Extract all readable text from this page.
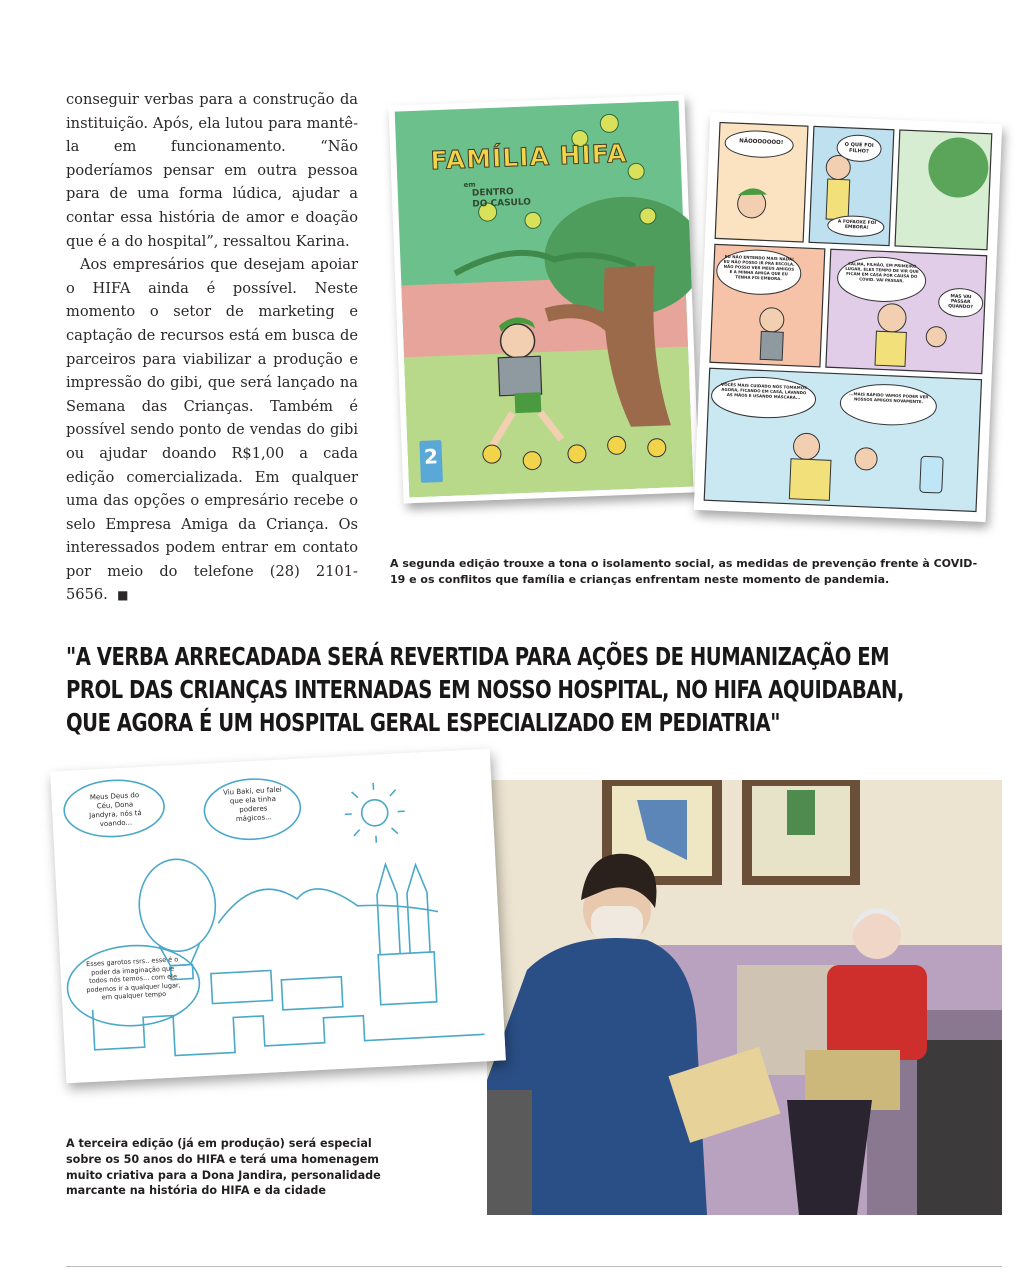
conseguir verbas para a construção da instituição. Após, ela lutou para mantê-la em funcionamento. “Não poderíamos pensar em outra pessoa para de uma forma lúdica, ajudar a contar essa história de amor e doação que é a do hospital”, ressaltou Karina.

Aos empresários que desejam apoiar o HIFA ainda é possível. Neste momento o setor de marketing e captação de recursos está em busca de parceiros para viabilizar a produção e impressão do gibi, que será lançado na Semana das Crianças. Também é possível sendo ponto de vendas do gibi ou ajudar doando R$1,00 a cada edição comercializada. Em qualquer uma das opções o empresário recebe o selo Empresa Amiga da Criança. Os interessados podem entrar em contato por meio do telefone (28) 2101-5656. ■

FAMÍLIA HIFA
em
DENTRO
DO CASULO
2
NÃOOOOOOO!	O QUE FOI FILHO?
A FOFAOXE FOI EMBORA!
EU NÃO ENTENDO MAIS NADA! EU NÃO POSSO IR PRA ESCOLA, NÃO POSSO VER MEUS AMIGOS E A MINHA AMIGA QUE EU TENHA FOI EMBORA.
CALMA, FILHÃO, EM PRIMEIRO LUGAR, ELES TEMPO DE VIR QUE FICAM EM CASA POR CAUSA DO COVID. VAI PASSAR.
MAS VAI PASSAR QUANDO?
VOCÊS MAIS CUIDADO NÓS TOMAMOS AGORA, FICANDO EM CASA, LAVANDO AS MÃOS E USANDO MÁSCARA...	...MAIS RÁPIDO VAMOS PODER VER NOSSOS AMIGOS NOVAMENTE.
A segunda edição trouxe a tona o isolamento social, as medidas de prevenção frente à COVID-19 e os conflitos que família e crianças enfrentam neste momento de pandemia.
"A VERBA ARRECADADA SERÁ REVERTIDA PARA AÇÕES DE HUMANIZAÇÃO EM
PROL DAS CRIANÇAS INTERNADAS EM NOSSO HOSPITAL, NO HIFA AQUIDABAN,
QUE AGORA É UM HOSPITAL GERAL ESPECIALIZADO EM PEDIATRIA"
Meus Deus do Céu, Dona Jandyra, nós tá voando...
Viu Baki, eu falei que ela tinha poderes mágicos...
Esses garotos rsrs.. esse é o poder da imaginação que todos nós temos... com ele podemos ir a qualquer lugar, em qualquer tempo
A terceira edição (já em produção) será especial sobre os 50 anos do HIFA e terá uma homenagem muito criativa para a Dona Jandira, personalidade marcante na história do HIFA e da cidade
